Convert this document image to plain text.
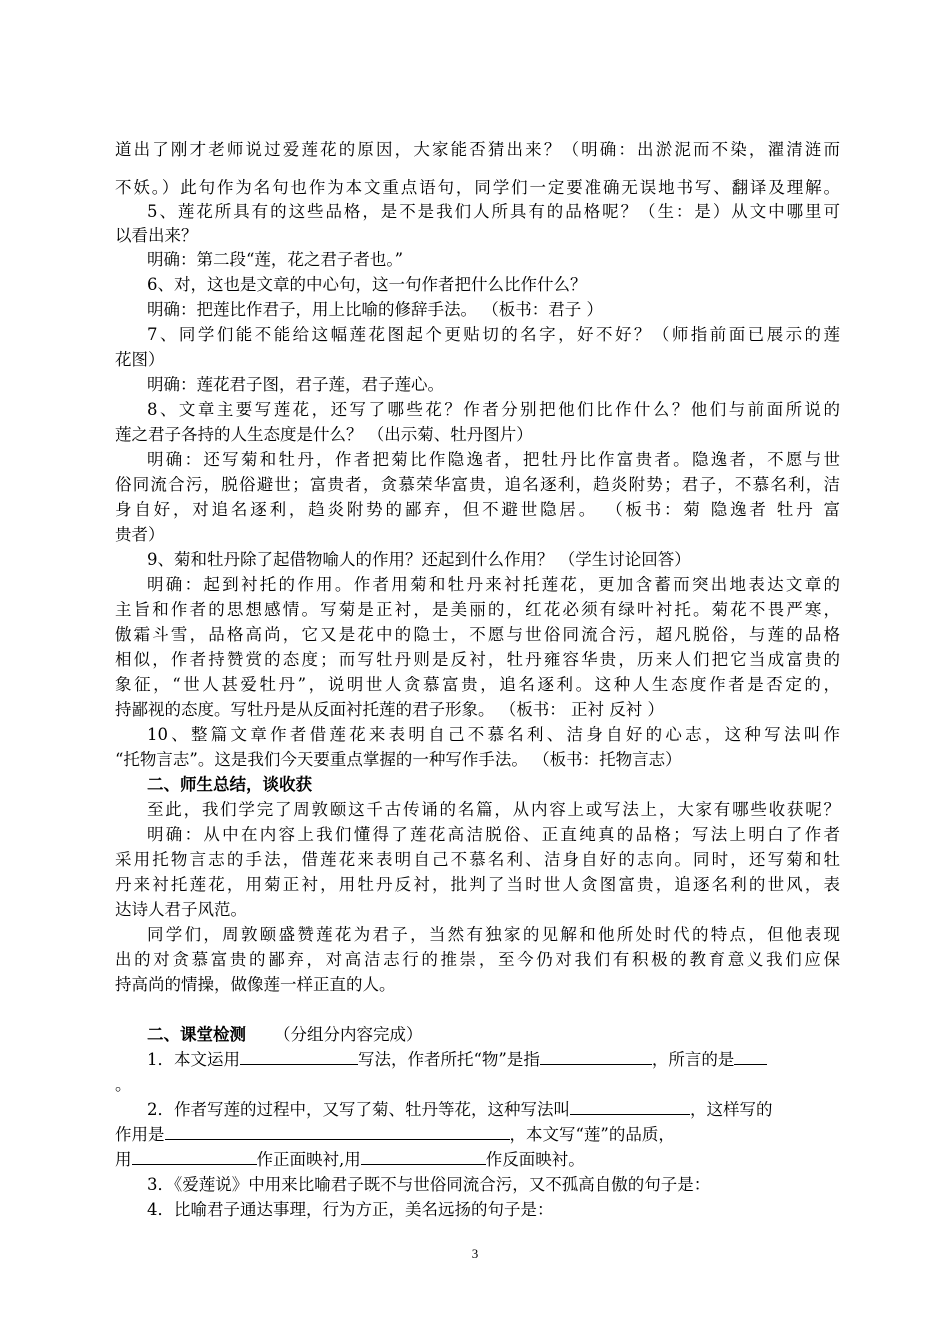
道出了刚才老师说过爱莲花的原因，大家能否猜出来？（明确：出淤泥而不染，濯清涟而
不妖。）此句作为名句也作为本文重点语句，同学们一定要准确无误地书写、翻译及理解。
5、莲花所具有的这些品格，是不是我们人所具有的品格呢？（生：是）从文中哪里可
以看出来？
明确：第二段“莲，花之君子者也。”
6、对，这也是文章的中心句，这一句作者把什么比作什么？
明确：把莲比作君子，用上比喻的修辞手法。 （板书：君子 ）
7、同学们能不能给这幅莲花图起个更贴切的名字，好不好？（师指前面已展示的莲
花图）
明确：莲花君子图，君子莲，君子莲心。
8、文章主要写莲花，还写了哪些花？作者分别把他们比作什么？他们与前面所说的
莲之君子各持的人生态度是什么？ （出示菊、牡丹图片）
明确：还写菊和牡丹，作者把菊比作隐逸者，把牡丹比作富贵者。隐逸者，不愿与世
俗同流合污，脱俗避世；富贵者，贪慕荣华富贵，追名逐利，趋炎附势；君子，不慕名利，洁
身自好，对追名逐利，趋炎附势的鄙弃，但不避世隐居。 （板书：菊 隐逸者 牡丹 富
贵者）
9、菊和牡丹除了起借物喻人的作用？还起到什么作用？ （学生讨论回答）
明确：起到衬托的作用。作者用菊和牡丹来衬托莲花，更加含蓄而突出地表达文章的
主旨和作者的思想感情。写菊是正衬，是美丽的，红花必须有绿叶衬托。菊花不畏严寒，
傲霜斗雪，品格高尚，它又是花中的隐士，不愿与世俗同流合污，超凡脱俗，与莲的品格
相似，作者持赞赏的态度；而写牡丹则是反衬，牡丹雍容华贵，历来人们把它当成富贵的
象征，“世人甚爱牡丹”，说明世人贪慕富贵，追名逐利。这种人生态度作者是否定的，
持鄙视的态度。写牡丹是从反面衬托莲的君子形象。 （板书： 正衬 反衬 ）
10、整篇文章作者借莲花来表明自己不慕名利、洁身自好的心志，这种写法叫作
“托物言志”。这是我们今天要重点掌握的一种写作手法。 （板书：托物言志）
二、师生总结，谈收获
至此，我们学完了周敦颐这千古传诵的名篇，从内容上或写法上，大家有哪些收获呢？
明确：从中在内容上我们懂得了莲花高洁脱俗、正直纯真的品格；写法上明白了作者
采用托物言志的手法，借莲花来表明自己不慕名利、洁身自好的志向。同时，还写菊和牡
丹来衬托莲花，用菊正衬，用牡丹反衬，批判了当时世人贪图富贵，追逐名利的世风，表
达诗人君子风范。
同学们，周敦颐盛赞莲花为君子，当然有独家的见解和他所处时代的特点，但他表现
出的对贪慕富贵的鄙弃，对高洁志行的推崇，至今仍对我们有积极的教育意义我们应保
持高尚的情操，做像莲一样正直的人。
二、课堂检测 （分组分内容完成）
1．本文运用	写法，作者所托“物”是指	，所言的是
。
2．作者写莲的过程中，又写了菊、牡丹等花，这种写法叫	，这样写的
作用是	，本文写“莲”的品质，
用	作正面映衬,用	作反面映衬。
3．《爱莲说》中用来比喻君子既不与世俗同流合污，又不孤高自傲的句子是：
4．比喻君子通达事理，行为方正，美名远扬的句子是：
3
